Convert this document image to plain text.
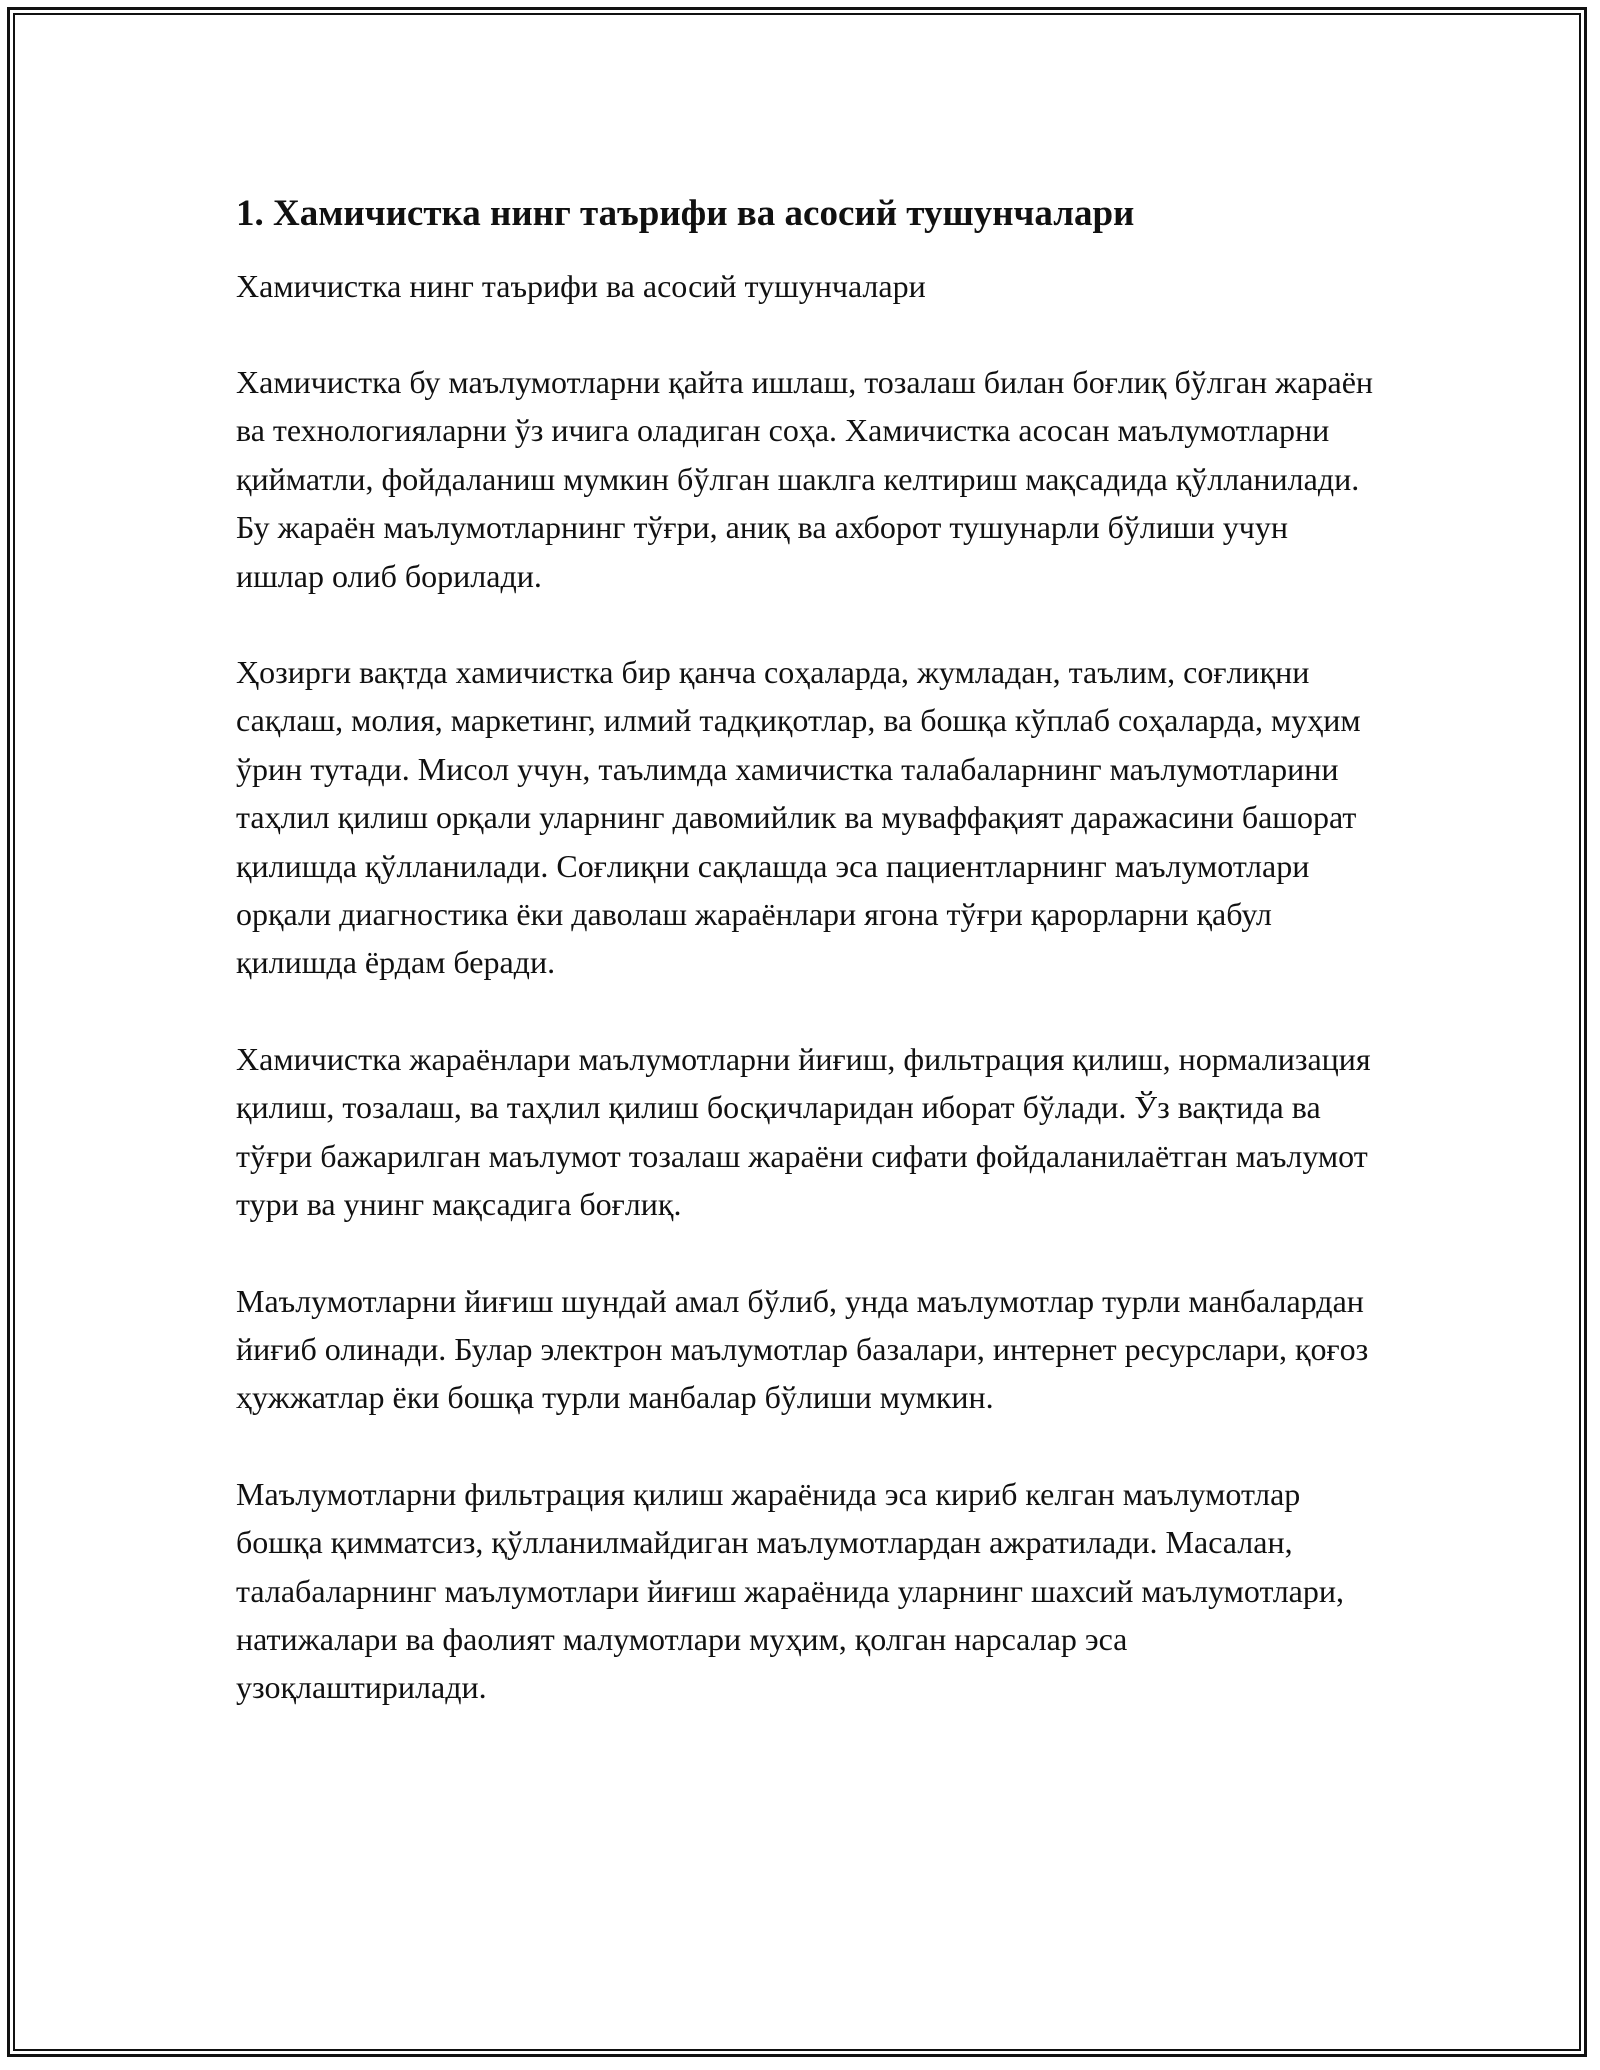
1. Хамичистка нинг таърифи ва асосий тушунчалари

Хамичистка нинг таърифи ва асосий тушунчалари

Хамичистка бу маълумотларни қайта ишлаш, тозалаш билан боғлиқ бўлган жараён ва технологияларни ўз ичига оладиган соҳа. Хамичистка асосан маълумотларни қийматли, фойдаланиш мумкин бўлган шаклга келтириш мақсадида қўлланилади. Бу жараён маълумотларнинг тўғри, аниқ ва ахборот тушунарли бўлиши учун ишлар олиб борилади.

Ҳозирги вақтда хамичистка бир қанча соҳаларда, жумладан, таълим, соғлиқни сақлаш, молия, маркетинг, илмий тадқиқотлар, ва бошқа кўплаб соҳаларда, муҳим ўрин тутади. Мисол учун, таълимда хамичистка талабаларнинг маълумотларини таҳлил қилиш орқали уларнинг давомийлик ва муваффақият даражасини башорат қилишда қўлланилади. Соғлиқни сақлашда эса пациентларнинг маълумотлари орқали диагностика ёки даволаш жараёнлари ягона тўғри қарорларни қабул қилишда ёрдам беради.

Хамичистка жараёнлари маълумотларни йиғиш, фильтрация қилиш, нормализация қилиш, тозалаш, ва таҳлил қилиш босқичларидан иборат бўлади. Ўз вақтида ва тўғри бажарилган маълумот тозалаш жараёни сифати фойдаланилаётган маълумот тури ва унинг мақсадига боғлиқ.

Маълумотларни йиғиш шундай амал бўлиб, унда маълумотлар турли манбалардан йиғиб олинади. Булар электрон маълумотлар базалари, интернет ресурслари, қоғоз ҳужжатлар ёки бошқа турли манбалар бўлиши мумкин.

Маълумотларни фильтрация қилиш жараёнида эса кириб келган маълумотлар бошқа қимматсиз, қўлланилмайдиган маълумотлардан ажратилади. Масалан, талабаларнинг маълумотлари йиғиш жараёнида уларнинг шахсий маълумотлари, натижалари ва фаолият малумотлари муҳим, қолган нарсалар эса узоқлаштирилади.
